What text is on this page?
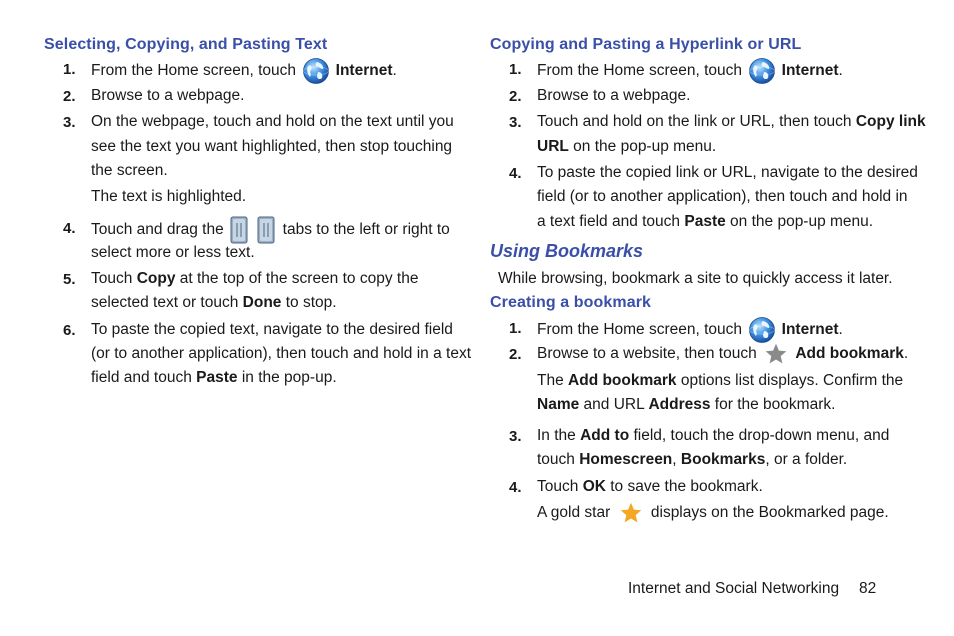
Selecting, Copying, and Pasting Text
1. From the Home screen, touch	Internet.
2. Browse to a webpage.
3. On the webpage, touch and hold on the text until you
see the text you want highlighted, then stop touching
the screen.
The text is highlighted.
4. Touch and drag the	tabs to the left or right to
select more or less text.
5. Touch Copy at the top of the screen to copy the
selected text or touch Done to stop.
6. To paste the copied text, navigate to the desired field
(or to another application), then touch and hold in a text
field and touch Paste in the pop-up.
Copying and Pasting a Hyperlink or URL
1. From the Home screen, touch	Internet.
2. Browse to a webpage.
3. Touch and hold on the link or URL, then touch Copy link
URL on the pop-up menu.
4. To paste the copied link or URL, navigate to the desired
field (or to another application), then touch and hold in
a text field and touch Paste on the pop-up menu.
Using Bookmarks
While browsing, bookmark a site to quickly access it later.
Creating a bookmark
1. From the Home screen, touch	Internet.
2. Browse to a website, then touch Add bookmark.
The Add bookmark options list displays. Confirm the
Name and URL Address for the bookmark.
3. In the Add to field, touch the drop-down menu, and
touch Homescreen, Bookmarks, or a folder.
4. Touch OK to save the bookmark.
A gold star	displays on the Bookmarked page.
Internet and Social Networking 82
